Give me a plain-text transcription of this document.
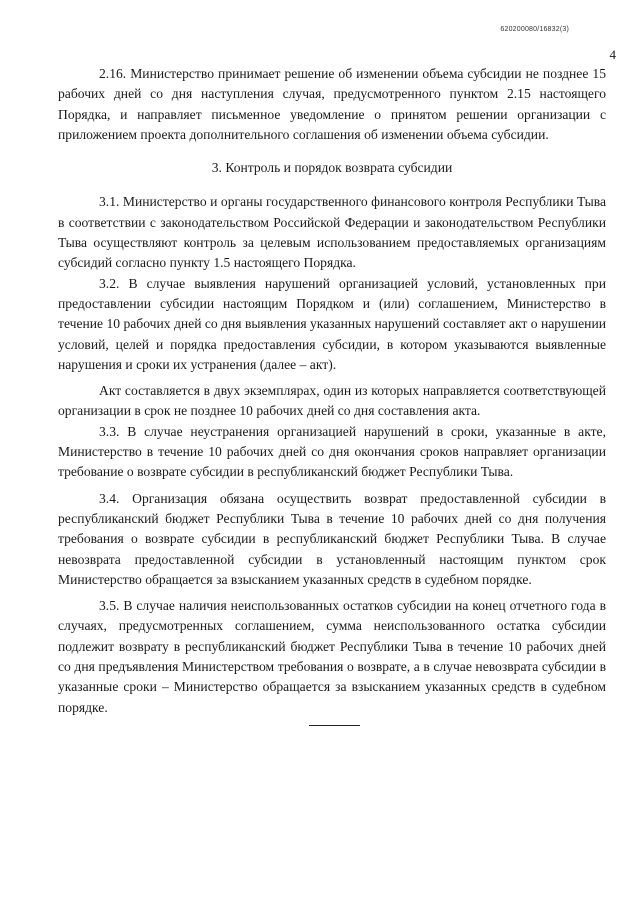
620200080/16832(3)
4

2.16. Министерство принимает решение об изменении объема субсидии не позднее 15 рабочих дней со дня наступления случая, предусмотренного пунктом 2.15 настоящего Порядка, и направляет письменное уведомление о принятом решении организации с приложением проекта дополнительного соглашения об изменении объема субсидии.

3. Контроль и порядок возврата субсидии

3.1. Министерство и органы государственного финансового контроля Республики Тыва в соответствии с законодательством Российской Федерации и законодательством Республики Тыва осуществляют контроль за целевым использованием предоставляемых организациям субсидий согласно пункту 1.5 настоящего Порядка.

3.2. В случае выявления нарушений организацией условий, установленных при предоставлении субсидии настоящим Порядком и (или) соглашением, Министерство в течение 10 рабочих дней со дня выявления указанных нарушений составляет акт о нарушении условий, целей и порядка предоставления субсидии, в котором указываются выявленные нарушения и сроки их устранения (далее – акт).

Акт составляется в двух экземплярах, один из которых направляется соответствующей организации в срок не позднее 10 рабочих дней со дня составления акта.

3.3. В случае неустранения организацией нарушений в сроки, указанные в акте, Министерство в течение 10 рабочих дней со дня окончания сроков направляет организации требование о возврате субсидии в республиканский бюджет Республики Тыва.

3.4. Организация обязана осуществить возврат предоставленной субсидии в республиканский бюджет Республики Тыва в течение 10 рабочих дней со дня получения требования о возврате субсидии в республиканский бюджет Республики Тыва. В случае невозврата предоставленной субсидии в установленный настоящим пунктом срок Министерство обращается за взысканием указанных средств в судебном порядке.

3.5. В случае наличия неиспользованных остатков субсидии на конец отчетного года в случаях, предусмотренных соглашением, сумма неиспользованного остатка субсидии подлежит возврату в республиканский бюджет Республики Тыва в течение 10 рабочих дней со дня предъявления Министерством требования о возврате, а в случае невозврата субсидии в указанные сроки – Министерство обращается за взысканием указанных средств в судебном порядке.
